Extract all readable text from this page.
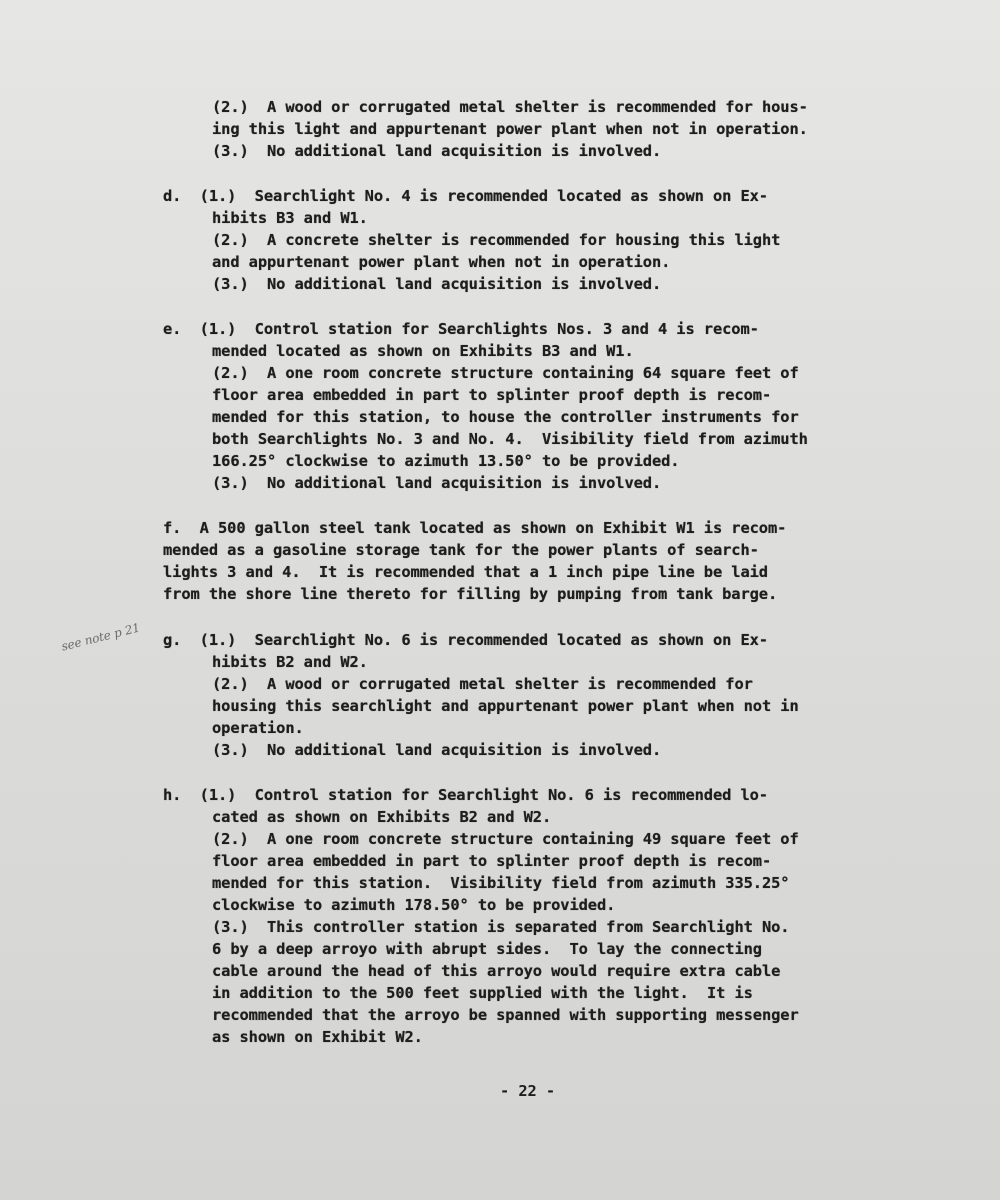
see note p 21
(2.)  A wood or corrugated metal shelter is recommended for hous-
ing this light and appurtenant power plant when not in operation.
(3.)  No additional land acquisition is involved.
d.  (1.)  Searchlight No. 4 is recommended located as shown on Ex-
hibits B3 and W1.
(2.)  A concrete shelter is recommended for housing this light
and appurtenant power plant when not in operation.
(3.)  No additional land acquisition is involved.
e.  (1.)  Control station for Searchlights Nos. 3 and 4 is recom-
mended located as shown on Exhibits B3 and W1.
(2.)  A one room concrete structure containing 64 square feet of
floor area embedded in part to splinter proof depth is recom-
mended for this station, to house the controller instruments for
both Searchlights No. 3 and No. 4.  Visibility field from azimuth
166.25° clockwise to azimuth 13.50° to be provided.
(3.)  No additional land acquisition is involved.
f.  A 500 gallon steel tank located as shown on Exhibit W1 is recom-
mended as a gasoline storage tank for the power plants of search-
lights 3 and 4.  It is recommended that a 1 inch pipe line be laid
from the shore line thereto for filling by pumping from tank barge.
g.  (1.)  Searchlight No. 6 is recommended located as shown on Ex-
hibits B2 and W2.
(2.)  A wood or corrugated metal shelter is recommended for
housing this searchlight and appurtenant power plant when not in
operation.
(3.)  No additional land acquisition is involved.
h.  (1.)  Control station for Searchlight No. 6 is recommended lo-
cated as shown on Exhibits B2 and W2.
(2.)  A one room concrete structure containing 49 square feet of
floor area embedded in part to splinter proof depth is recom-
mended for this station.  Visibility field from azimuth 335.25°
clockwise to azimuth 178.50° to be provided.
(3.)  This controller station is separated from Searchlight No.
6 by a deep arroyo with abrupt sides.  To lay the connecting
cable around the head of this arroyo would require extra cable
in addition to the 500 feet supplied with the light.  It is
recommended that the arroyo be spanned with supporting messenger
as shown on Exhibit W2.
- 22 -
